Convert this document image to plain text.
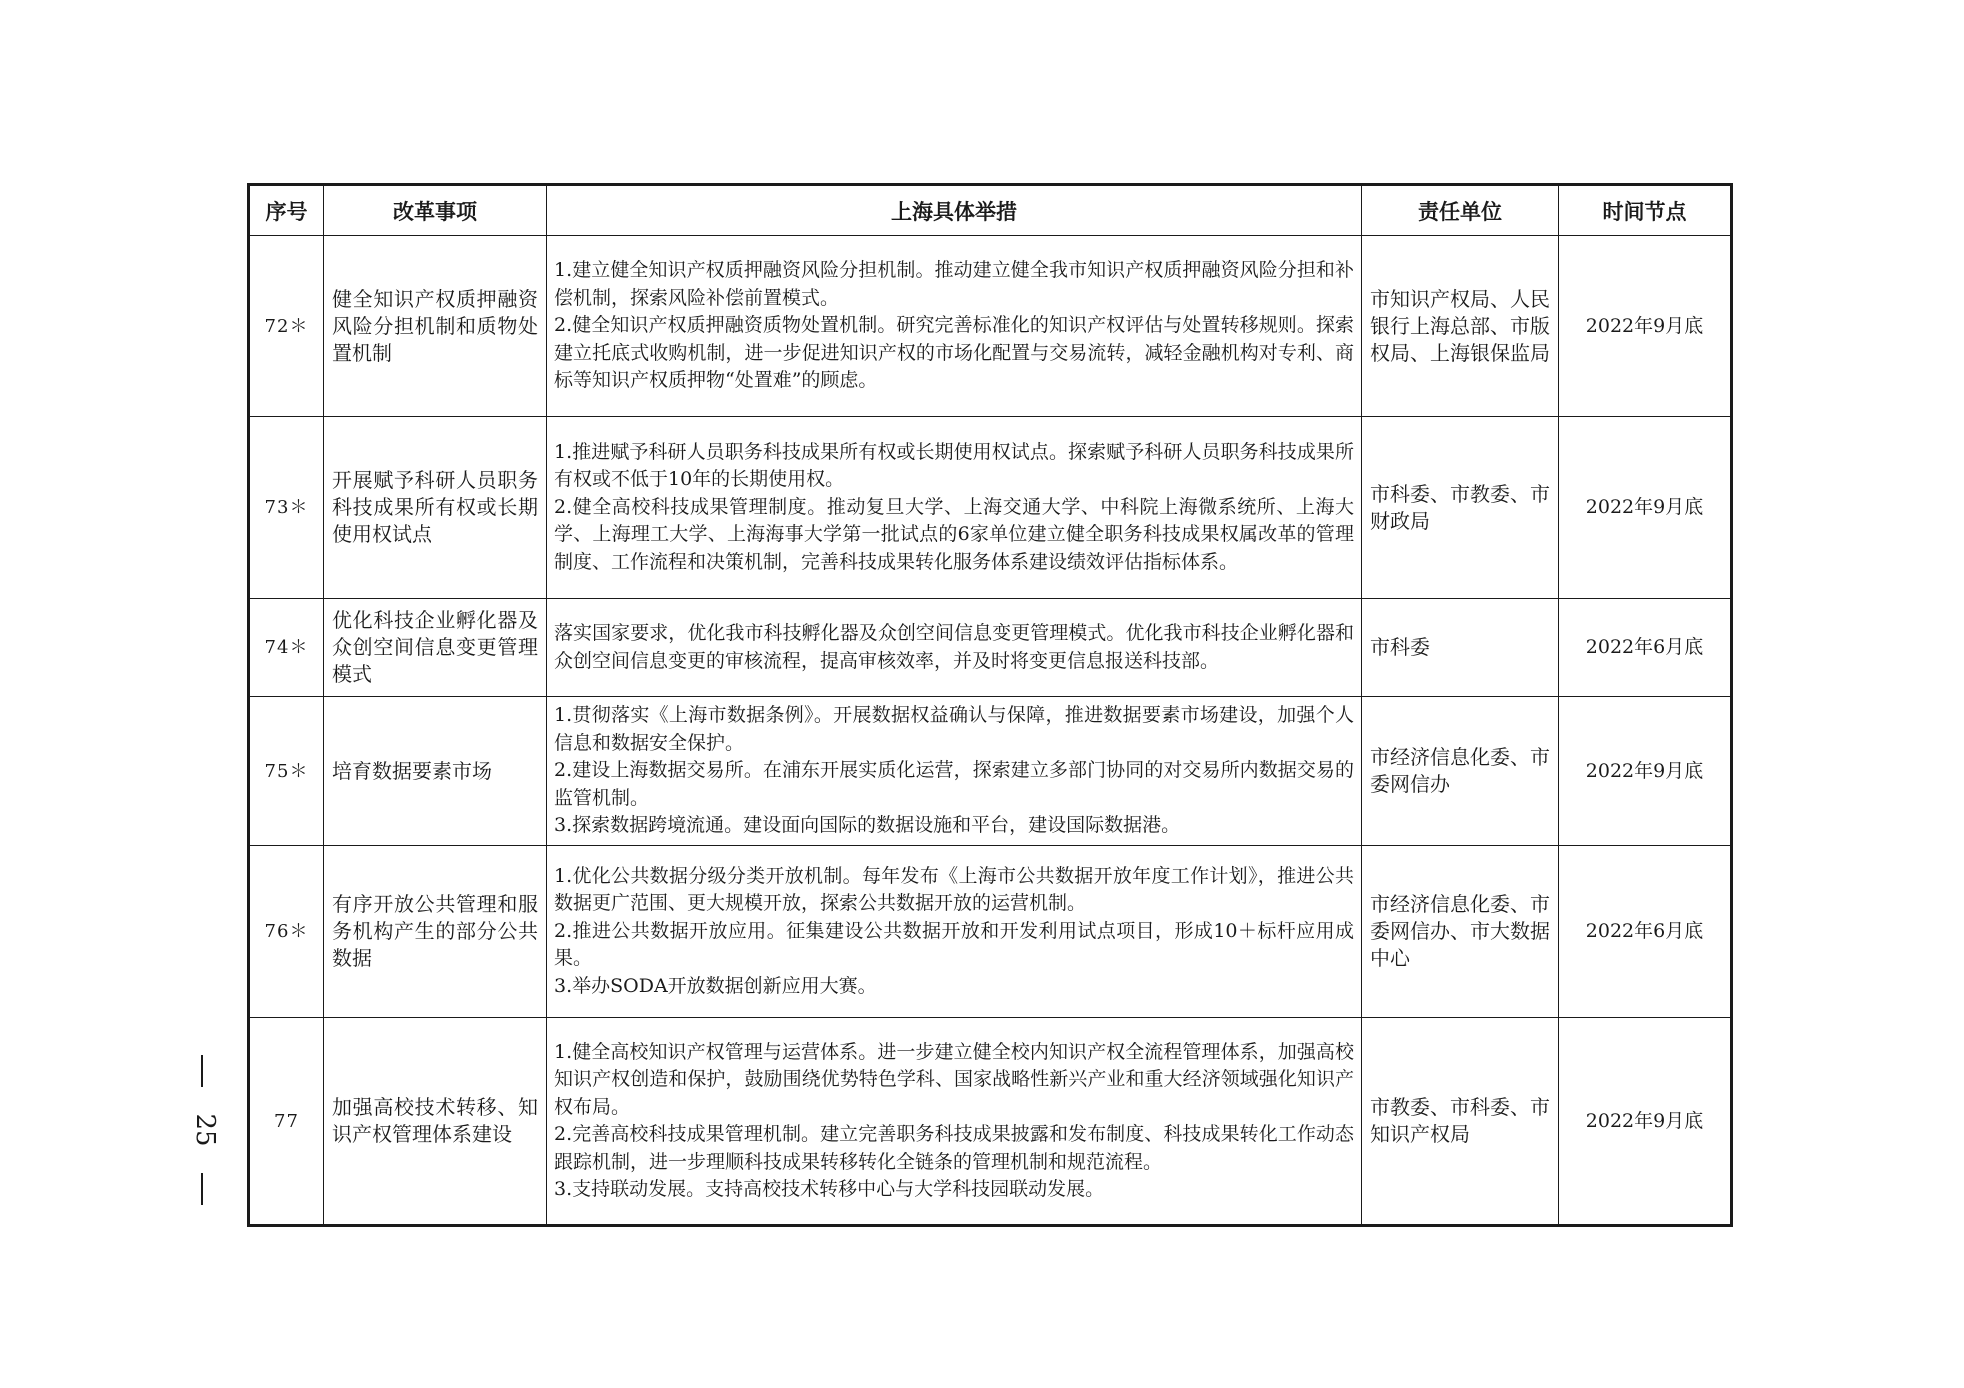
序号	改革事项	上海具体举措	责任单位	时间节点
72＊	健全知识产权质押融资风险分担机制和质物处置机制	1.建立健全知识产权质押融资风险分担机制。推动建立健全我市知识产权质押融资风险分担和补偿机制，探索风险补偿前置模式。
2.健全知识产权质押融资质物处置机制。研究完善标准化的知识产权评估与处置转移规则。探索建立托底式收购机制，进一步促进知识产权的市场化配置与交易流转，减轻金融机构对专利、商标等知识产权质押物“处置难”的顾虑。	市知识产权局、人民银行上海总部、市版权局、上海银保监局	2022年9月底
73＊	开展赋予科研人员职务科技成果所有权或长期使用权试点	1.推进赋予科研人员职务科技成果所有权或长期使用权试点。探索赋予科研人员职务科技成果所有权或不低于10年的长期使用权。
2.健全高校科技成果管理制度。推动复旦大学、上海交通大学、中科院上海微系统所、上海大学、上海理工大学、上海海事大学第一批试点的6家单位建立健全职务科技成果权属改革的管理制度、工作流程和决策机制，完善科技成果转化服务体系建设绩效评估指标体系。	市科委、市教委、市财政局	2022年9月底
74＊	优化科技企业孵化器及众创空间信息变更管理模式	落实国家要求，优化我市科技孵化器及众创空间信息变更管理模式。优化我市科技企业孵化器和众创空间信息变更的审核流程，提高审核效率，并及时将变更信息报送科技部。	市科委	2022年6月底
75＊	培育数据要素市场	1.贯彻落实《上海市数据条例》。开展数据权益确认与保障，推进数据要素市场建设，加强个人信息和数据安全保护。
2.建设上海数据交易所。在浦东开展实质化运营，探索建立多部门协同的对交易所内数据交易的监管机制。
3.探索数据跨境流通。建设面向国际的数据设施和平台，建设国际数据港。	市经济信息化委、市委网信办	2022年9月底
76＊	有序开放公共管理和服务机构产生的部分公共数据	1.优化公共数据分级分类开放机制。每年发布《上海市公共数据开放年度工作计划》，推进公共数据更广范围、更大规模开放，探索公共数据开放的运营机制。
2.推进公共数据开放应用。征集建设公共数据开放和开发利用试点项目，形成10＋标杆应用成果。
3.举办SODA开放数据创新应用大赛。	市经济信息化委、市委网信办、市大数据中心	2022年6月底
77	加强高校技术转移、知识产权管理体系建设	1.健全高校知识产权管理与运营体系。进一步建立健全校内知识产权全流程管理体系，加强高校知识产权创造和保护，鼓励围绕优势特色学科、国家战略性新兴产业和重大经济领域强化知识产权布局。
2.完善高校科技成果管理机制。建立完善职务科技成果披露和发布制度、科技成果转化工作动态跟踪机制，进一步理顺科技成果转移转化全链条的管理机制和规范流程。
3.支持联动发展。支持高校技术转移中心与大学科技园联动发展。	市教委、市科委、市知识产权局	2022年9月底
25
